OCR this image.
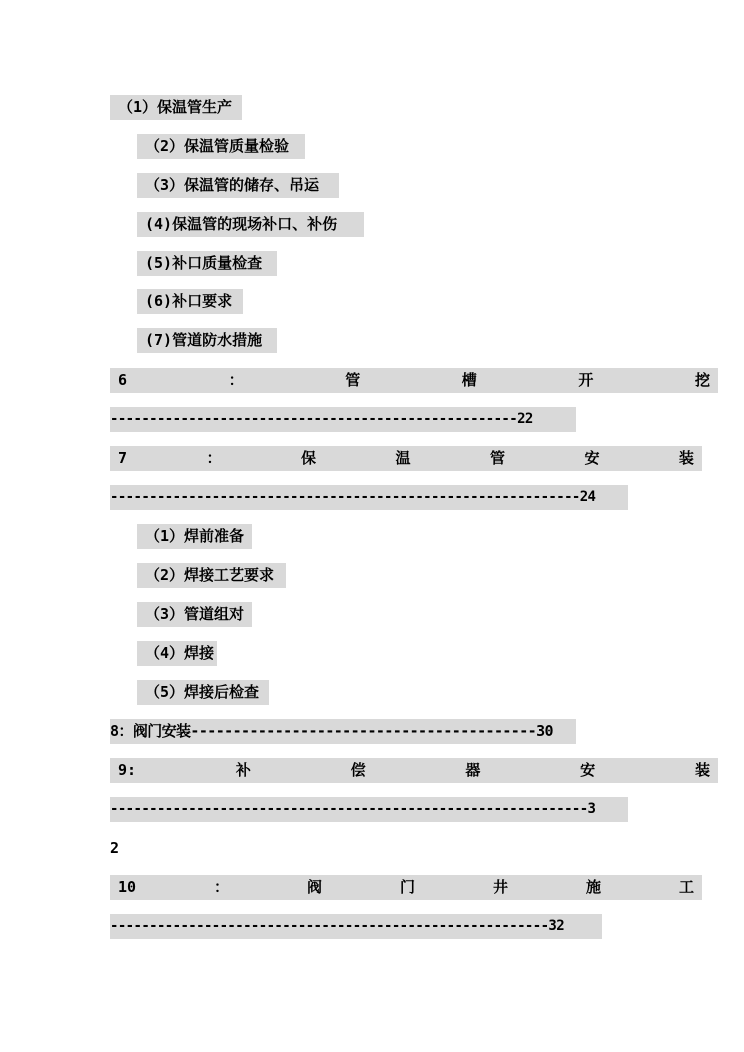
（1）保温管生产
（2）保温管质量检验
（3）保温管的储存、吊运
(4)保温管的现场补口、补伤
(5)补口质量检查
(6)补口要求
(7)管道防水措施
6	：	管	槽	开	挖
----------------------------------------------------22
7	：	保	温	管	安	装
------------------------------------------------------------24
（1）焊前准备
（2）焊接工艺要求
（3）管道组对
（4）焊接
（5）焊接后检查
8：阀门安装-----------------------------------------30
9:	补	偿	器	安	装
-------------------------------------------------------------3
2
10	：	阀	门	井	施	工
--------------------------------------------------------32
